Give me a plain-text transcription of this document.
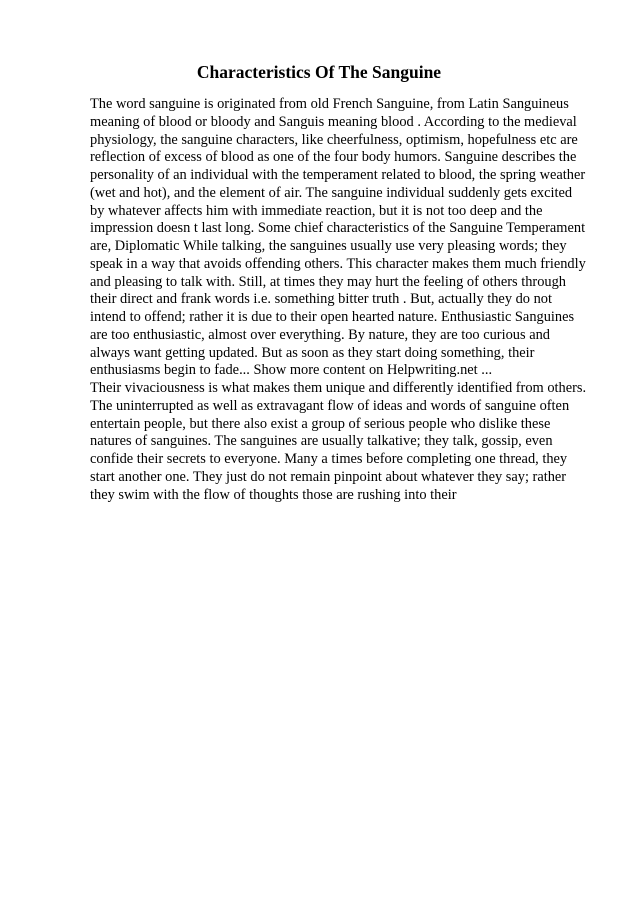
Characteristics Of The Sanguine

The word sanguine is originated from old French Sanguine, from Latin Sanguineus
meaning of blood or bloody and Sanguis meaning blood . According to the medieval
physiology, the sanguine characters, like cheerfulness, optimism, hopefulness etc are
reflection of excess of blood as one of the four body humors. Sanguine describes the
personality of an individual with the temperament related to blood, the spring weather
(wet and hot), and the element of air. The sanguine individual suddenly gets excited
by whatever affects him with immediate reaction, but it is not too deep and the
impression doesn t last long. Some chief characteristics of the Sanguine Temperament
are, Diplomatic While talking, the sanguines usually use very pleasing words; they
speak in a way that avoids offending others. This character makes them much friendly
and pleasing to talk with. Still, at times they may hurt the feeling of others through
their direct and frank words i.e. something bitter truth . But, actually they do not
intend to offend; rather it is due to their open hearted nature. Enthusiastic Sanguines
are too enthusiastic, almost over everything. By nature, they are too curious and
always want getting updated. But as soon as they start doing something, their
enthusiasms begin to fade... Show more content on Helpwriting.net ...

Their vivaciousness is what makes them unique and differently identified from others.
The uninterrupted as well as extravagant flow of ideas and words of sanguine often
entertain people, but there also exist a group of serious people who dislike these
natures of sanguines. The sanguines are usually talkative; they talk, gossip, even
confide their secrets to everyone. Many a times before completing one thread, they
start another one. They just do not remain pinpoint about whatever they say; rather
they swim with the flow of thoughts those are rushing into their
